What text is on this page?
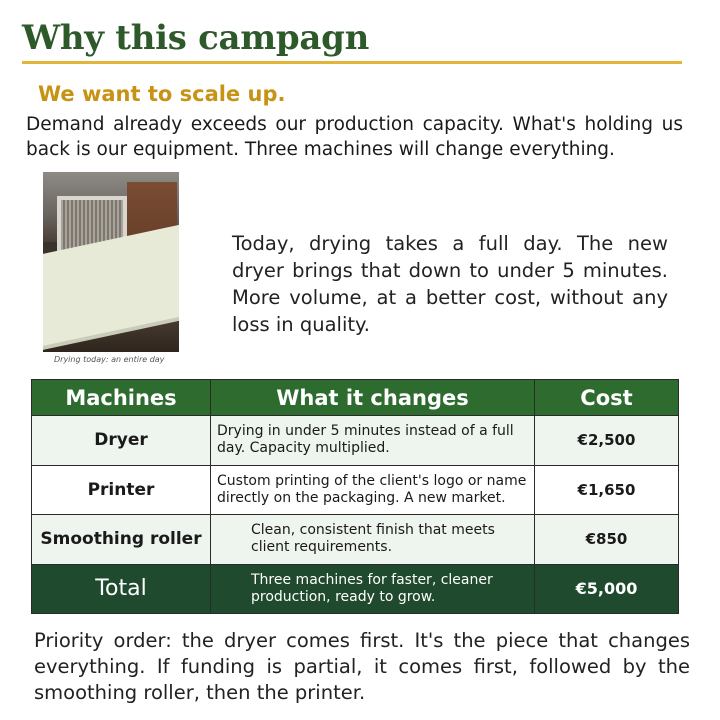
Why this campagn
We want to scale up.
Demand already exceeds our production capacity. What's holding us back is our equipment. Three machines will change everything.
Drying today: an entire day
Today, drying takes a full day. The new dryer brings that down to under 5 minutes. More volume, at a better cost, without any loss in quality.
Machines	What it changes	Cost
Dryer	Drying in under 5 minutes instead of a full day. Capacity multiplied.	€2,500
Printer	Custom printing of the client's logo or name directly on the packaging. A new market.	€1,650
Smoothing roller	Clean, consistent finish that meets client requirements.	€850
Total	Three machines for faster, cleaner production, ready to grow.	€5,000
Priority order: the dryer comes first. It's the piece that changes everything. If funding is partial, it comes first, followed by the smoothing roller, then the printer.
